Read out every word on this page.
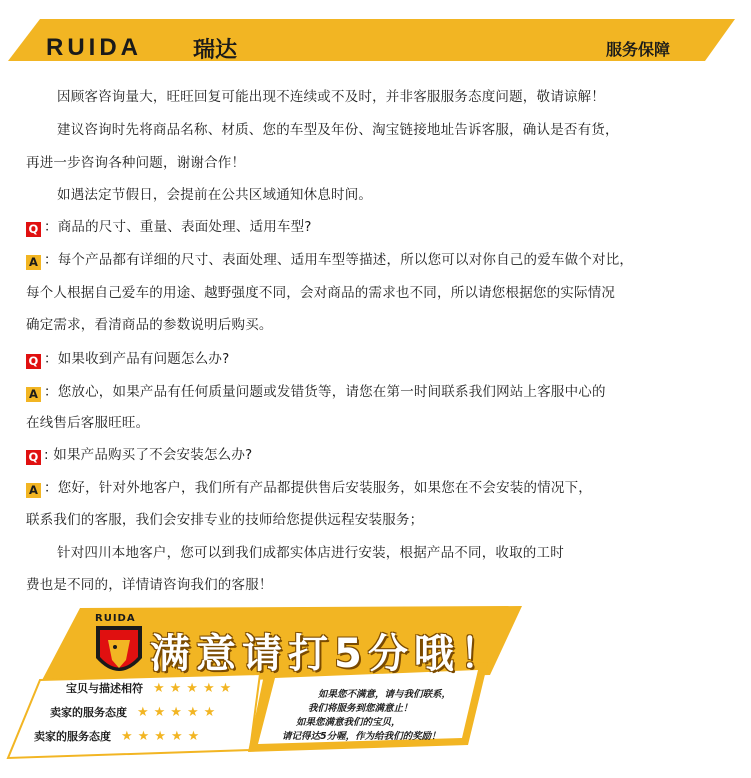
RUIDA 瑞达	服务保障
因顾客咨询量大，旺旺回复可能出现不连续或不及时，并非客服服务态度问题，敬请谅解！
建议咨询时先将商品名称、材质、您的车型及年份、淘宝链接地址告诉客服，确认是否有货，
再进一步咨询各种问题，谢谢合作！
如遇法定节假日，会提前在公共区域通知休息时间。
Q ：商品的尺寸、重量、表面处理、适用车型?
A ：每个产品都有详细的尺寸、表面处理、适用车型等描述，所以您可以对你自己的爱车做个对比，
每个人根据自己爱车的用途、越野强度不同，会对商品的需求也不同，所以请您根据您的实际情况
确定需求，看清商品的参数说明后购买。
Q ：如果收到产品有问题怎么办?
A ：您放心，如果产品有任何质量问题或发错货等，请您在第一时间联系我们网站上客服中心的
在线售后客服旺旺。
Q : 如果产品购买了不会安装怎么办?
A ：您好，针对外地客户，我们所有产品都提供售后安装服务，如果您在不会安装的情况下，
联系我们的客服，我们会安排专业的技师给您提供远程安装服务；
针对四川本地客户，您可以到我们成都实体店进行安装，根据产品不同，收取的工时
费也是不同的，详情请咨询我们的客服！
RUIDA
满意请打5分哦！
宝贝与描述相符 ★★★★★
卖家的服务态度 ★★★★★
卖家的服务态度 ★★★★★
如果您不满意，请与我们联系，
我们将服务到您满意止！
如果您满意我们的宝贝，
请记得达5分喔，作为给我们的奖励！
